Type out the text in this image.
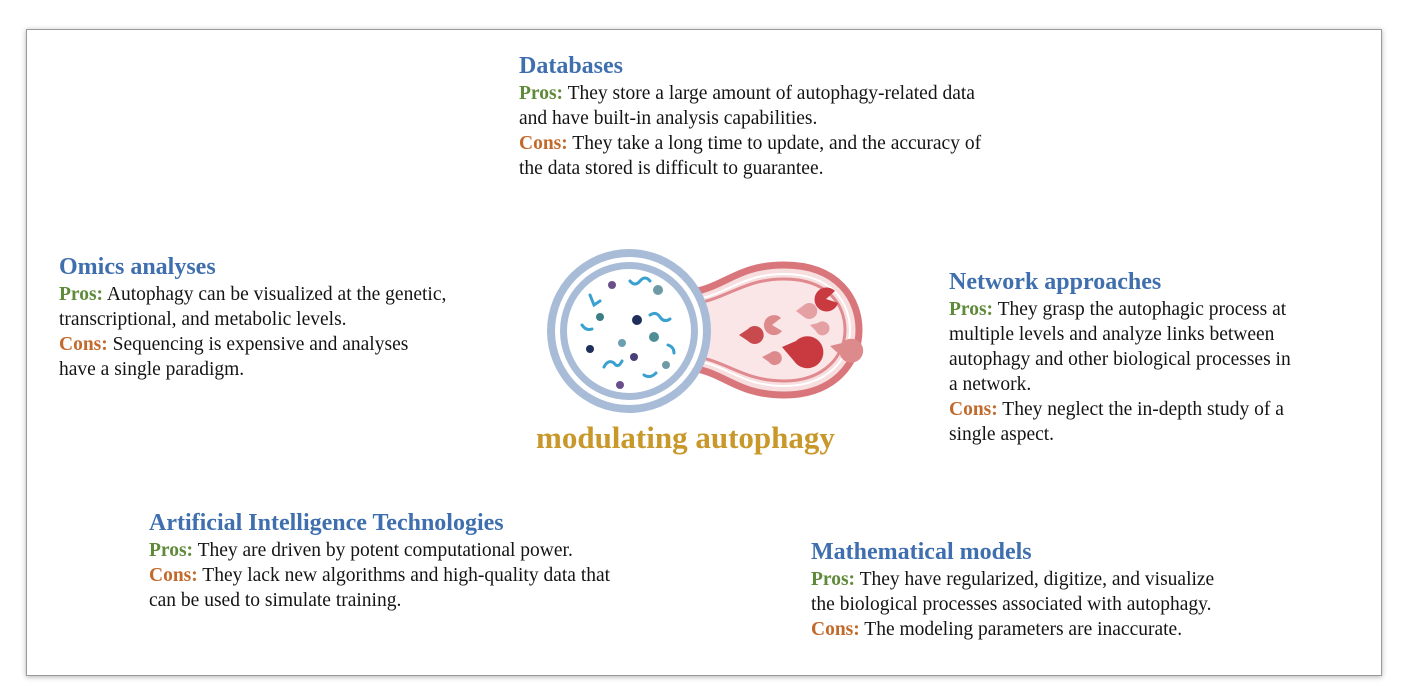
Databases
Pros: They store a large amount of autophagy-related data
and have built-in analysis capabilities.
Cons: They take a long time to update, and the accuracy of
the data stored is difficult to guarantee.
Omics analyses
Pros: Autophagy can be visualized at the genetic,
transcriptional, and metabolic levels.
Cons: Sequencing is expensive and analyses
have a single paradigm.
Network approaches
Pros: They grasp the autophagic process at
multiple levels and analyze links between
autophagy and other biological processes in
a network.
Cons: They neglect the in-depth study of a
single aspect.
Artificial Intelligence Technologies
Pros: They are driven by potent computational power.
Cons: They lack new algorithms and high-quality data that
can be used to simulate training.
Mathematical models
Pros: They have regularized, digitize, and visualize
the biological processes associated with autophagy.
Cons: The modeling parameters are inaccurate.
modulating autophagy
